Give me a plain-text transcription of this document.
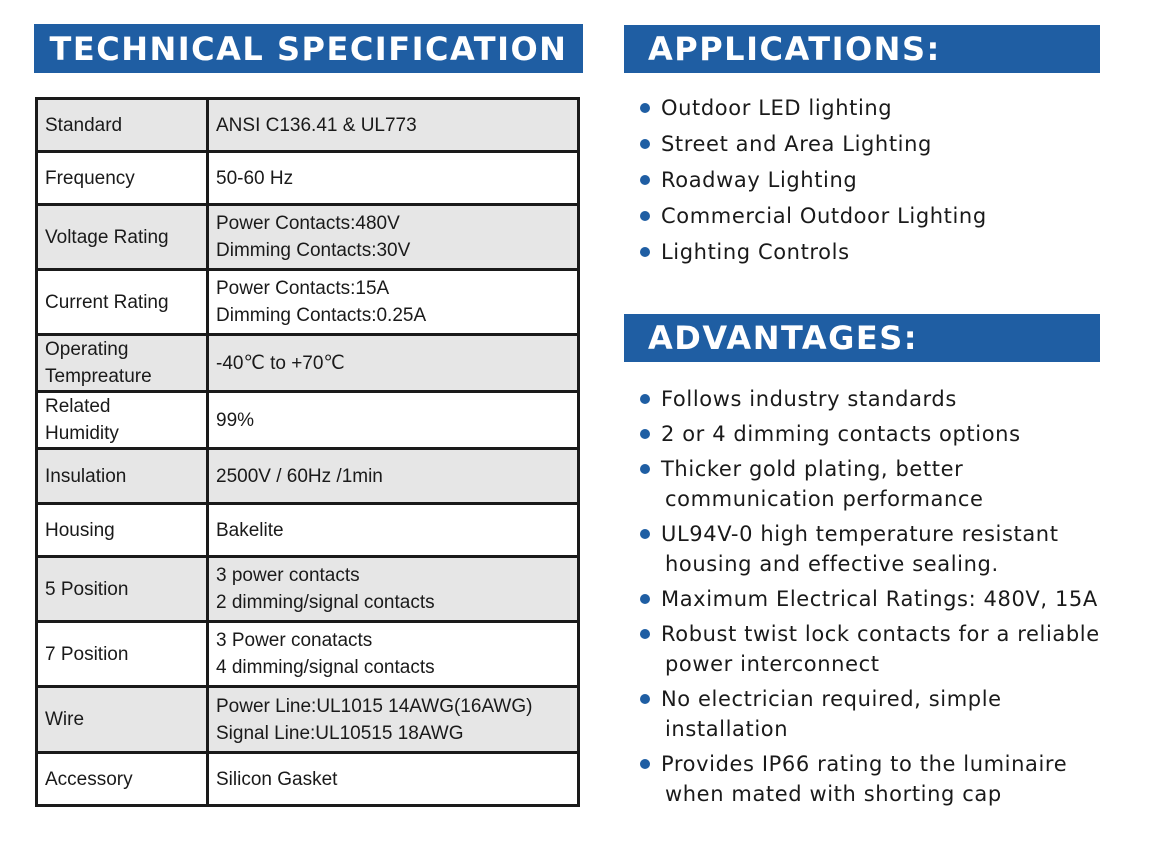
TECHNICAL SPECIFICATION
Standard	ANSI C136.41 & UL773

Frequency	50-60 Hz

Voltage Rating	Power Contacts:480V
Dimming Contacts:30V

Current Rating	Power Contacts:15A
Dimming Contacts:0.25A

Operating
Tempreature	-40℃ to +70℃

Related
Humidity	99%

Insulation	2500V / 60Hz /1min

Housing	Bakelite

5 Position	3 power contacts
2 dimming/signal contacts

7 Position	3 Power conatacts
4 dimming/signal contacts

Wire	Power Line:UL1015 14AWG(16AWG)
Signal Line:UL10515 18AWG

Accessory	Silicon Gasket
APPLICATIONS:
Outdoor LED lighting
Street and Area Lighting
Roadway Lighting
Commercial Outdoor Lighting
Lighting Controls
ADVANTAGES:
Follows industry standards
2 or 4 dimming contacts options
Thicker gold plating, better
communication performance
UL94V-0 high temperature resistant
housing and effective sealing.
Maximum Electrical Ratings: 480V, 15A
Robust twist lock contacts for a reliable
power interconnect
No electrician required, simple
installation
Provides IP66 rating to the luminaire
when mated with shorting cap
